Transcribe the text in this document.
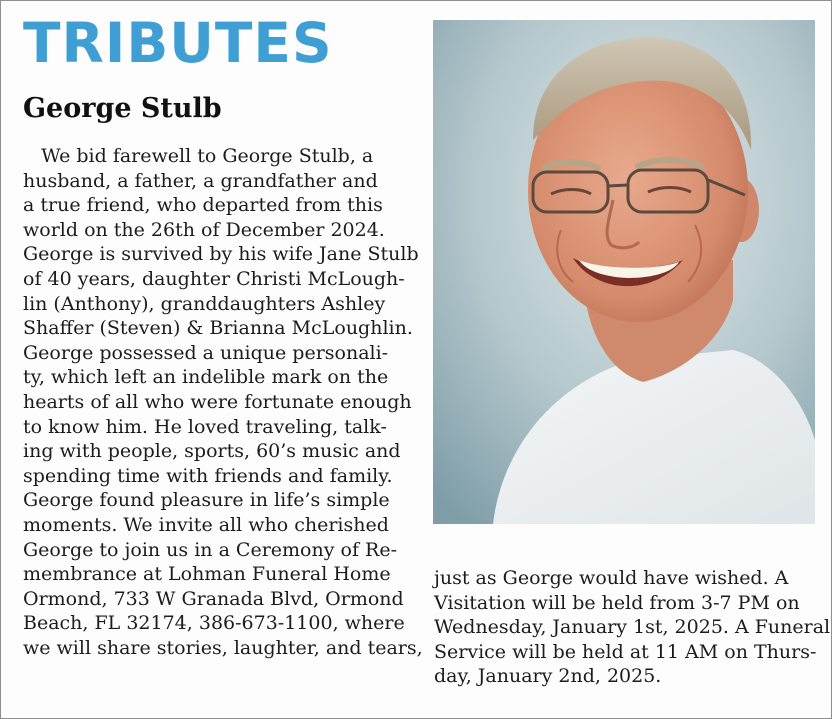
TRIBUTES
George Stulb
We bid farewell to George Stulb, a
husband, a father, a grandfather and
a true friend, who departed from this
world on the 26th of December 2024.
George is survived by his wife Jane Stulb
of 40 years, daughter Christi McLough-
lin (Anthony), granddaughters Ashley
Shaffer (Steven) & Brianna McLoughlin.
George possessed a unique personali-
ty, which left an indelible mark on the
hearts of all who were fortunate enough
to know him. He loved traveling, talk-
ing with people, sports, 60’s music and
spending time with friends and family.
George found pleasure in life’s simple
moments. We invite all who cherished
George to join us in a Ceremony of Re-
membrance at Lohman Funeral Home
Ormond, 733 W Granada Blvd, Ormond
Beach, FL 32174, 386-673-1100, where
we will share stories, laughter, and tears,
just as George would have wished. A
Visitation will be held from 3-7 PM on
Wednesday, January 1st, 2025. A Funeral
Service will be held at 11 AM on Thurs-
day, January 2nd, 2025.
